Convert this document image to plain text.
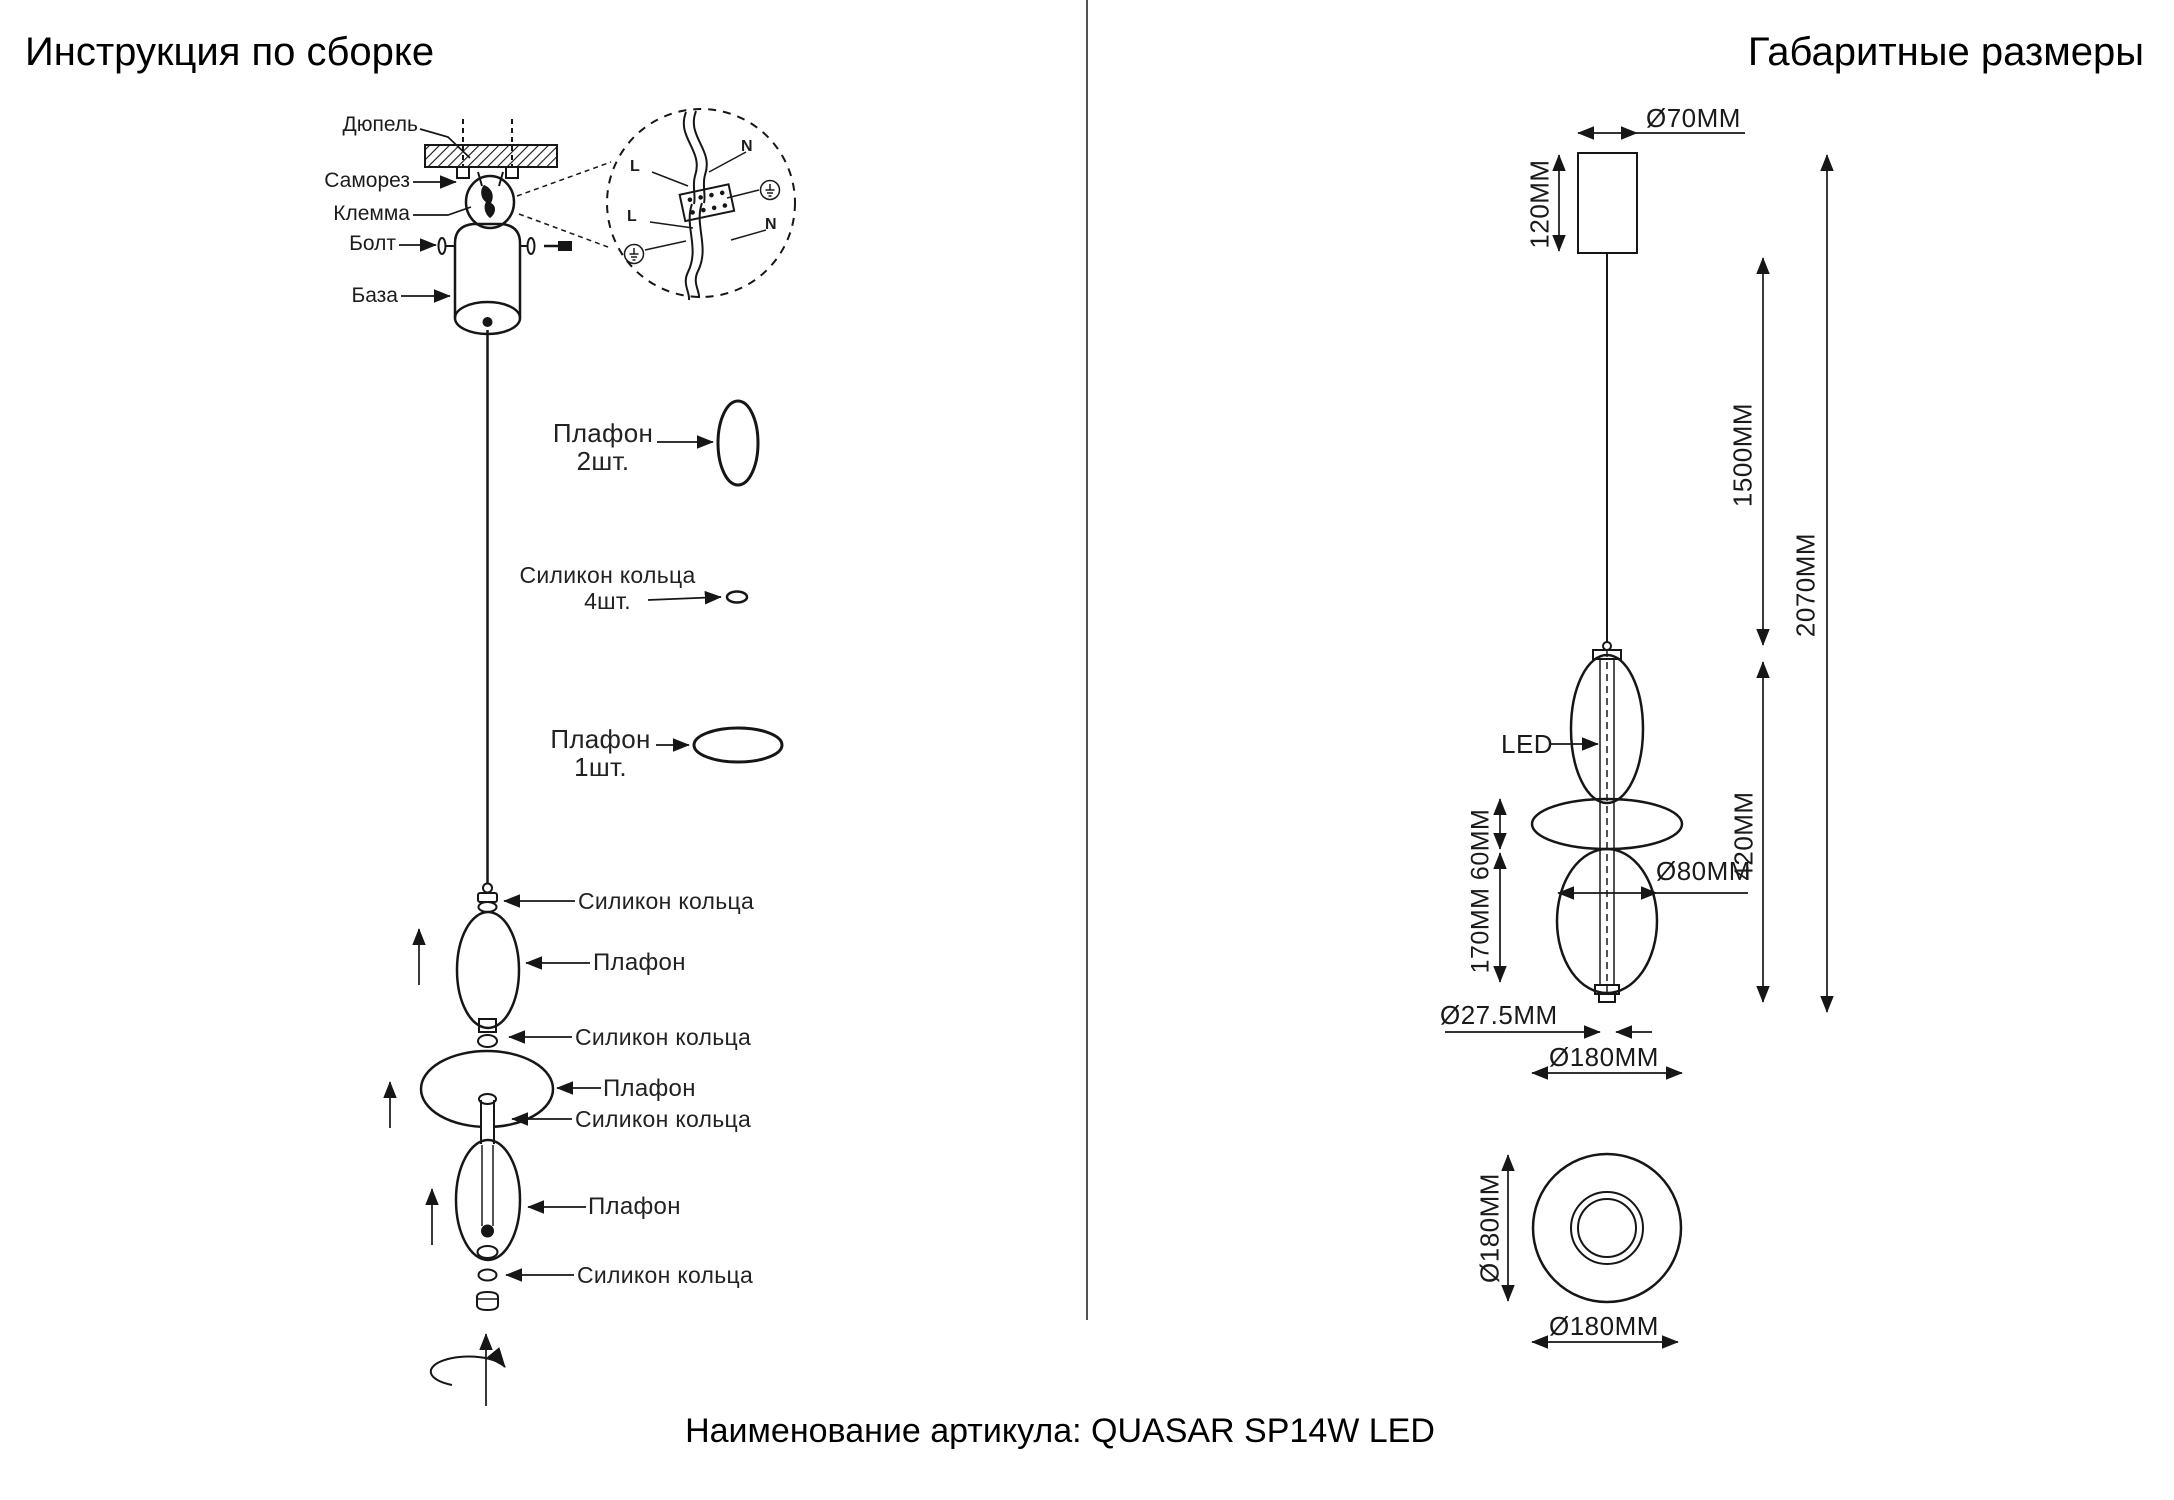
Инструкция по сборке	Габаритные размеры
Дюпель
Саморез
Клемма
Болт
База
Плафон
2шт.
Силикон кольца
4шт.
Плафон
1шт.
Силикон кольца
Плафон
Силикон кольца
Плафон
Силикон кольца
Плафон
Силикон кольца
N
L
L	N
Ø70MM
120MM
1500MM
2070MM
420MM
LED
170MM 60MM	Ø80MM
Ø27.5MM
Ø180MM
Ø180MM
Ø180MM
Наименование артикула: QUASAR SP14W LED
